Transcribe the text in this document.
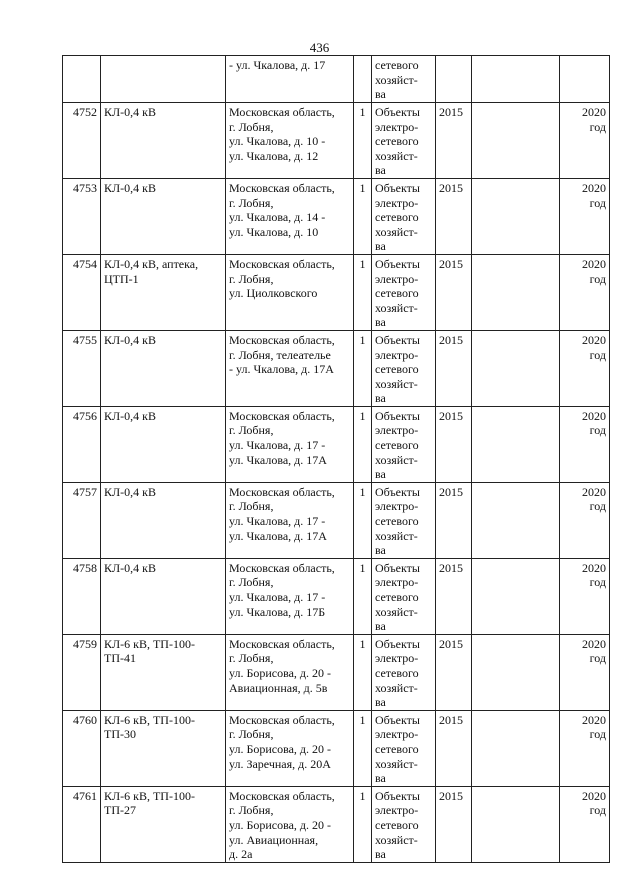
436
		- ул. Чкалова, д. 17		сетевого
хозяйст-
ва			
4752	КЛ-0,4 кВ	Московская область,
г. Лобня,
ул. Чкалова, д. 10 -
ул. Чкалова, д. 12	1	Объекты
электро-
сетевого
хозяйст-
ва	2015		2020
год
4753	КЛ-0,4 кВ	Московская область,
г. Лобня,
ул. Чкалова, д. 14 -
ул. Чкалова, д. 10	1	Объекты
электро-
сетевого
хозяйст-
ва	2015		2020
год
4754	КЛ-0,4 кВ, аптека,
ЦТП-1	Московская область,
г. Лобня,
ул. Циолковского	1	Объекты
электро-
сетевого
хозяйст-
ва	2015		2020
год
4755	КЛ-0,4 кВ	Московская область,
г. Лобня, телеателье
- ул. Чкалова, д. 17А	1	Объекты
электро-
сетевого
хозяйст-
ва	2015		2020
год
4756	КЛ-0,4 кВ	Московская область,
г. Лобня,
ул. Чкалова, д. 17 -
ул. Чкалова, д. 17А	1	Объекты
электро-
сетевого
хозяйст-
ва	2015		2020
год
4757	КЛ-0,4 кВ	Московская область,
г. Лобня,
ул. Чкалова, д. 17 -
ул. Чкалова, д. 17А	1	Объекты
электро-
сетевого
хозяйст-
ва	2015		2020
год
4758	КЛ-0,4 кВ	Московская область,
г. Лобня,
ул. Чкалова, д. 17 -
ул. Чкалова, д. 17Б	1	Объекты
электро-
сетевого
хозяйст-
ва	2015		2020
год
4759	КЛ-6 кВ, ТП-100-
ТП-41	Московская область,
г. Лобня,
ул. Борисова, д. 20 -
Авиационная, д. 5в	1	Объекты
электро-
сетевого
хозяйст-
ва	2015		2020
год
4760	КЛ-6 кВ, ТП-100-
ТП-30	Московская область,
г. Лобня,
ул. Борисова, д. 20 -
ул. Заречная, д. 20А	1	Объекты
электро-
сетевого
хозяйст-
ва	2015		2020
год
4761	КЛ-6 кВ, ТП-100-
ТП-27	Московская область,
г. Лобня,
ул. Борисова, д. 20 -
ул. Авиационная,
д. 2а	1	Объекты
электро-
сетевого
хозяйст-
ва	2015		2020
год
